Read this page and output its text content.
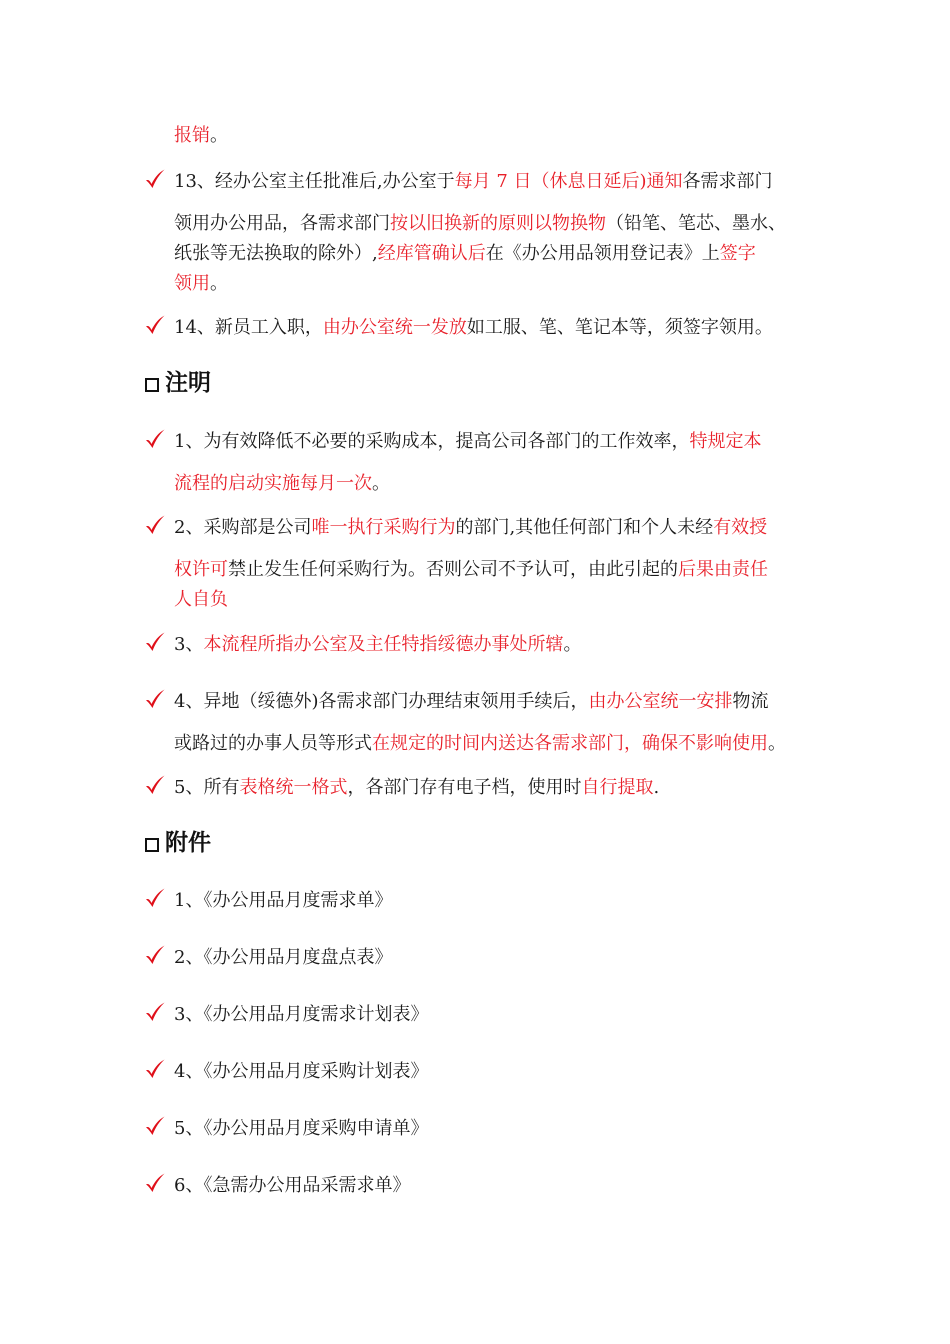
报销。
13、经办公室主任批准后,办公室于每月 7 日（休息日延后)通知各需求部门
领用办公用品，各需求部门按以旧换新的原则以物换物（铅笔、笔芯、墨水、
纸张等无法换取的除外）,经库管确认后在《办公用品领用登记表》上签字
领用。
14、新员工入职，由办公室统一发放如工服、笔、笔记本等，须签字领用。
注明
1、为有效降低不必要的采购成本，提高公司各部门的工作效率，特规定本
流程的启动实施每月一次。
2、采购部是公司唯一执行采购行为的部门,其他任何部门和个人未经有效授
权许可禁止发生任何采购行为。否则公司不予认可，由此引起的后果由责任
人自负
3、本流程所指办公室及主任特指绥德办事处所辖。
4、异地（绥德外)各需求部门办理结束领用手续后，由办公室统一安排物流
或路过的办事人员等形式在规定的时间内送达各需求部门，确保不影响使用。
5、所有表格统一格式，各部门存有电子档，使用时自行提取.
附件
1、《办公用品月度需求单》
2、《办公用品月度盘点表》
3、《办公用品月度需求计划表》
4、《办公用品月度采购计划表》
5、《办公用品月度采购申请单》
6、《急需办公用品采需求单》
